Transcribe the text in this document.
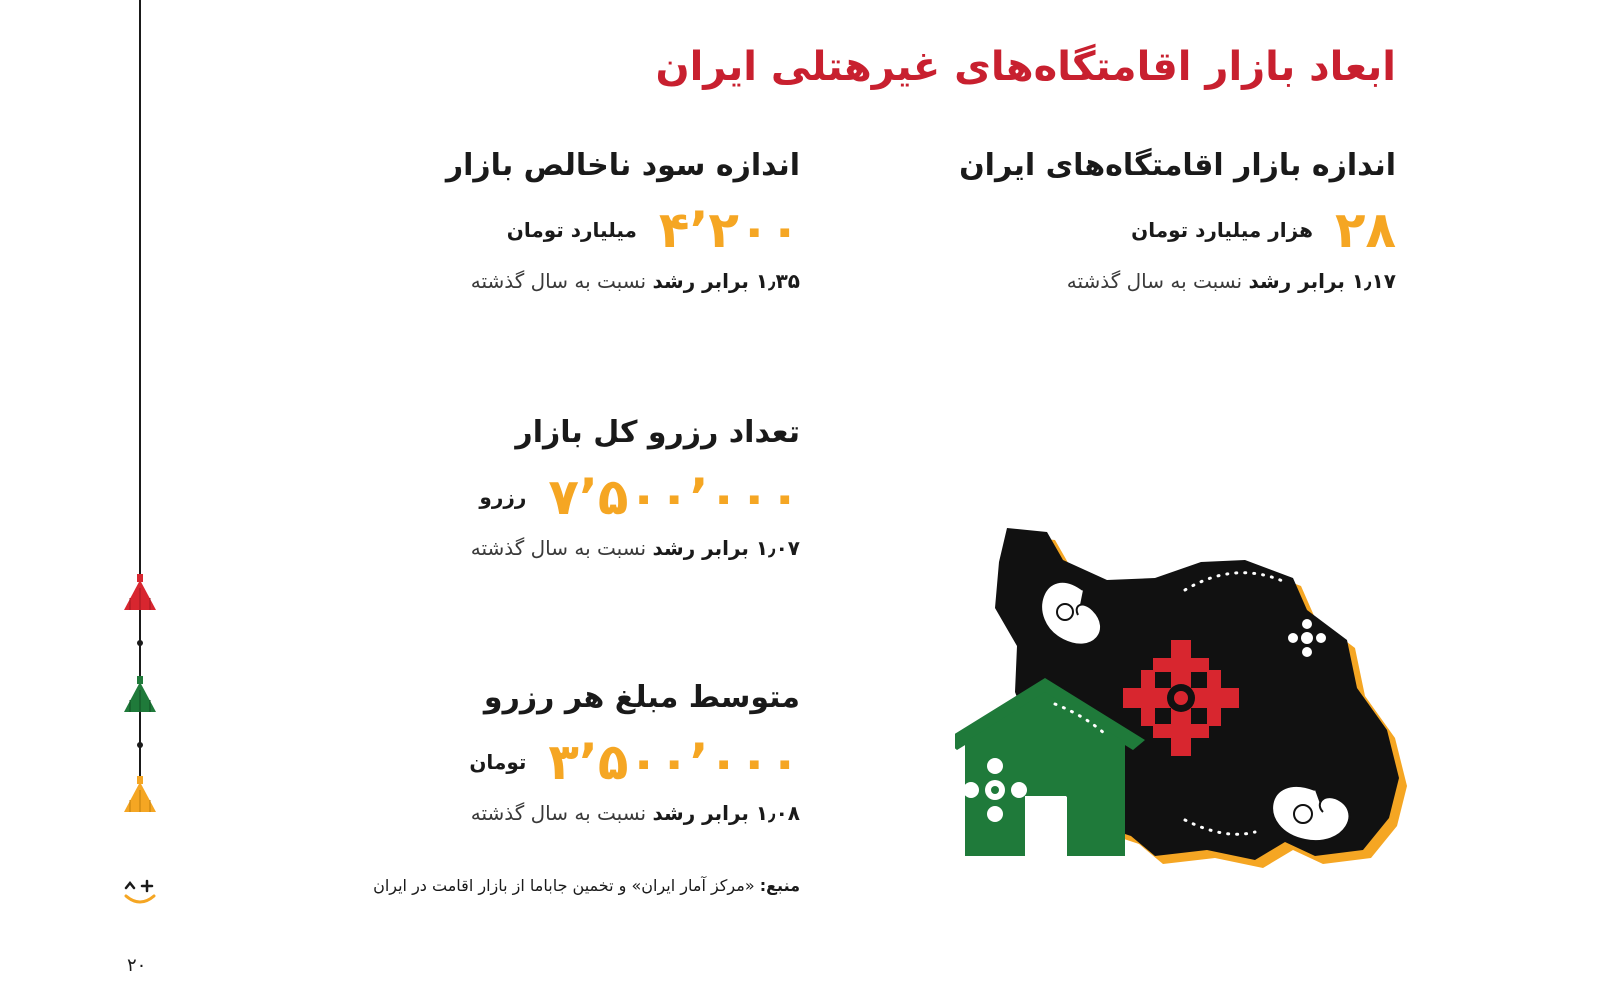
۲۰
ابعاد بازار اقامتگاه‌های غیرهتلی ایران
اندازه بازار اقامتگاه‌های ایران
۲۸
هزار میلیارد تومان
۱٫۱۷ برابر رشد نسبت به سال گذشته
اندازه سود ناخالص بازار
۴٬۲۰۰
میلیارد تومان
۱٫۳۵ برابر رشد نسبت به سال گذشته
تعداد رزرو کل بازار
۷٬۵۰۰٬۰۰۰
رزرو
۱٫۰۷ برابر رشد نسبت به سال گذشته
متوسط مبلغ هر رزرو
۳٬۵۰۰٬۰۰۰
تومان
۱٫۰۸ برابر رشد نسبت به سال گذشته
منبع: «مرکز آمار ایران» و تخمین جاباما از بازار اقامت در ایران
